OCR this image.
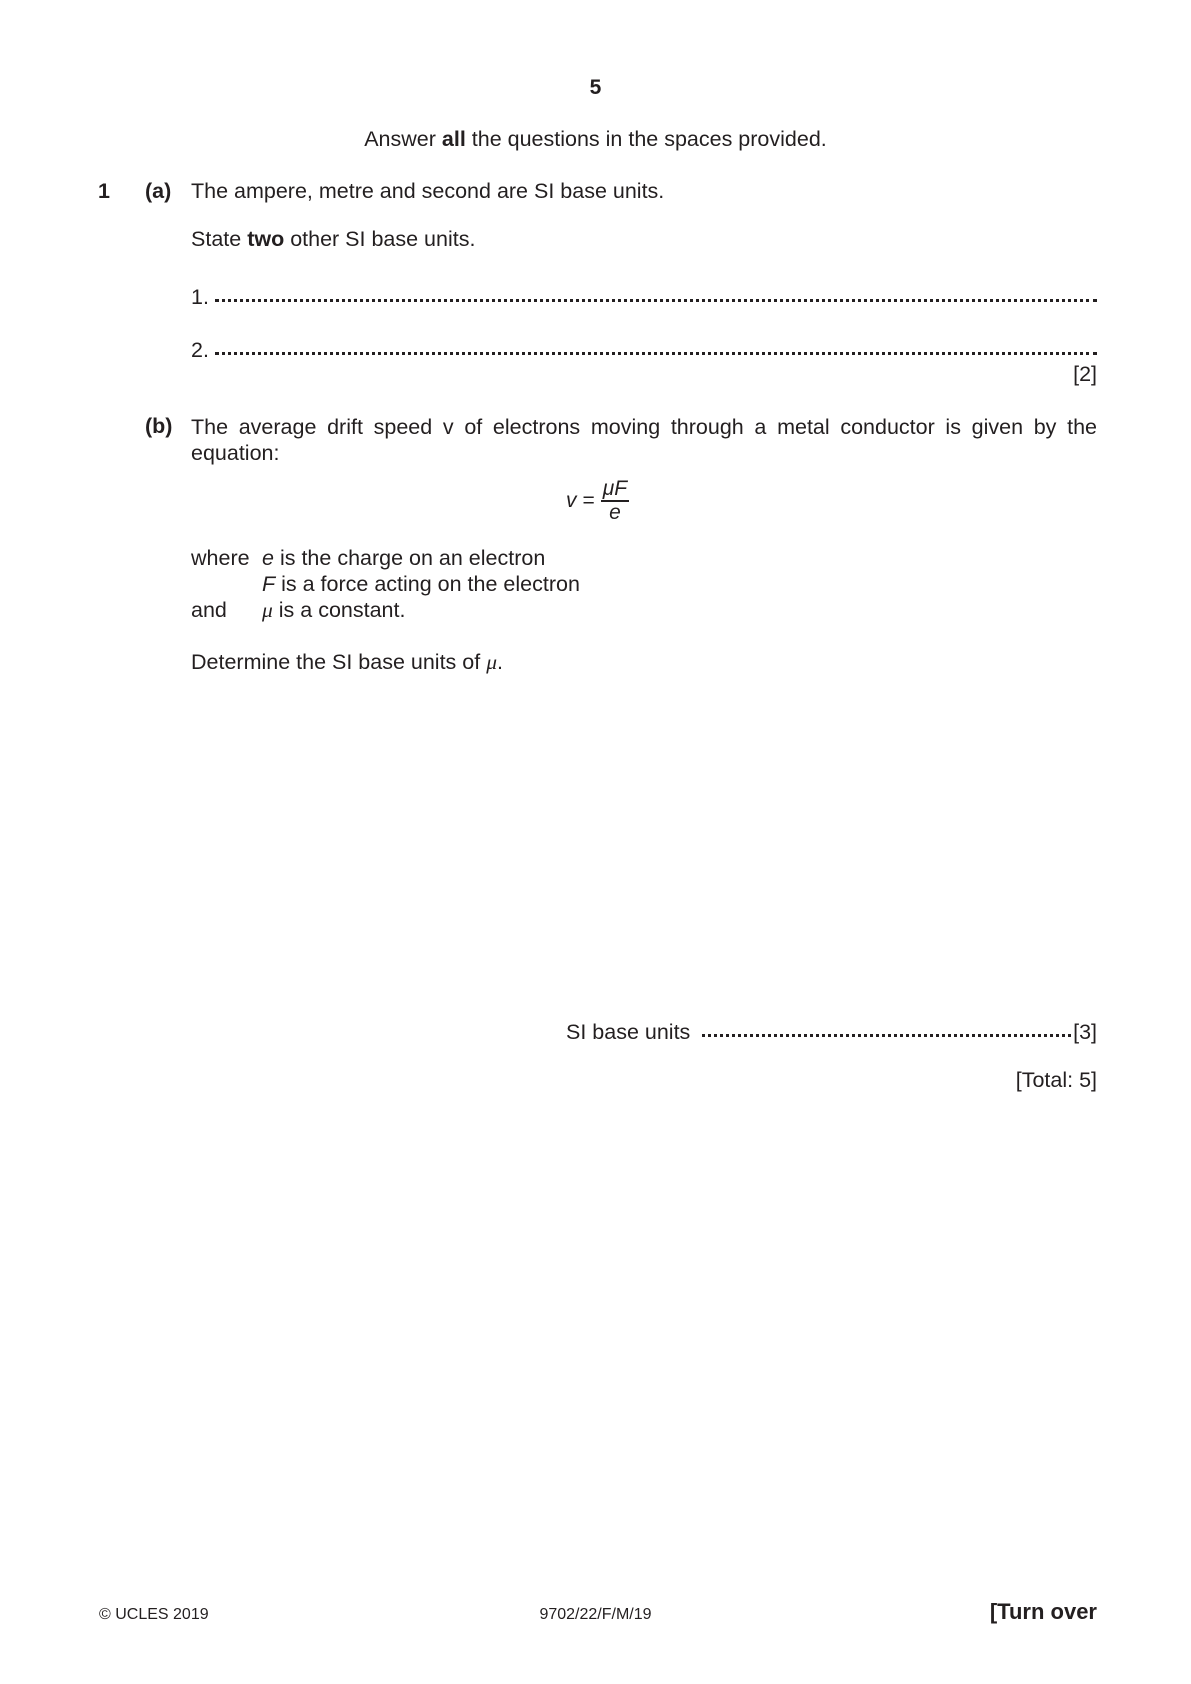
5
Answer all the questions in the spaces provided.
1 (a) The ampere, metre and second are SI base units.
State two other SI base units.
1.
2.
[2]
(b) The average drift speed v of electrons moving through a metal conductor is given by the equation:
$v = \frac{\mu F}{e}$
where e is the charge on an electron
F is a force acting on the electron
and μ is a constant.
Determine the SI base units of μ.
SI base units	[3]
[Total: 5]
© UCLES 2019	9702/22/F/M/19	[Turn over
